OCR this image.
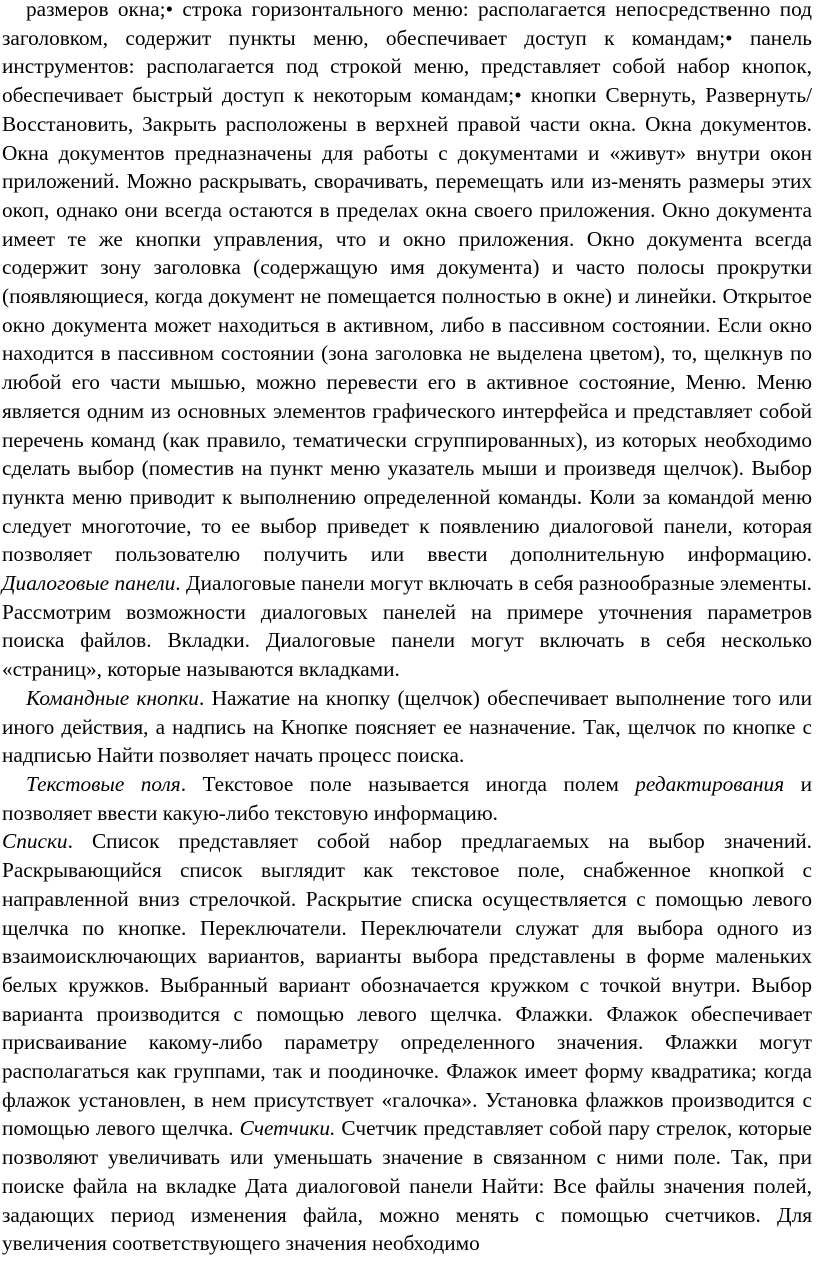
размеров окна;• строка горизонтального меню: располагается непосредственно под заголовком, содержит пункты меню, обеспечивает доступ к командам;• панель инструментов: располагается под строкой меню, представляет собой набор кнопок, обеспечивает быстрый доступ к некоторым командам;• кнопки Свернуть, Развернуть/Восстановить, Закрыть расположены в верхней правой части окна. Окна документов. Окна документов предназначены для работы с документами и «живут» внутри окон приложений. Можно раскрывать, сворачивать, перемещать или из-менять размеры этих окоп, однако они всегда остаются в пределах окна своего приложения. Окно документа имеет те же кнопки управления, что и окно приложения. Окно документа всегда содержит зону заголовка (содержащую имя документа) и часто полосы прокрутки (появляющиеся, когда документ не помещается полностью в окне) и линейки. Открытое окно документа может находиться в активном, либо в пассивном состоянии. Если окно находится в пассивном состоянии (зона заголовка не выделена цветом), то, щелкнув по любой его части мышью, можно перевести его в активное состояние, Меню. Меню является одним из основных элементов графического интерфейса и представляет собой перечень команд (как правило, тематически сгруппированных), из которых необходимо сделать выбор (поместив на пункт меню указатель мыши и произведя щелчок). Выбор пункта меню приводит к выполнению определенной команды. Коли за командой меню следует многоточие, то ее выбор приведет к появлению диалоговой панели, которая позволяет пользователю получить или ввести дополнительную информацию. Диалоговые панели. Диалоговые панели могут включать в себя разнообразные элементы. Рассмотрим возможности диалоговых панелей на примере уточнения параметров поиска файлов. Вкладки. Диалоговые панели могут включать в себя несколько «страниц», которые называются вкладками.

Командные кнопки. Нажатие на кнопку (щелчок) обеспечивает выполнение того или иного действия, а надпись на Кнопке поясняет ее назначение. Так, щелчок по кнопке с надписью Найти позволяет начать процесс поиска.

Текстовые поля. Текстовое поле называется иногда полем редактирования и позволяет ввести какую-либо текстовую информацию.

Списки. Список представляет собой набор предлагаемых на выбор значений. Раскрывающийся список выглядит как текстовое поле, снабженное кнопкой с направленной вниз стрелочкой. Раскрытие списка осуществляется с помощью левого щелчка по кнопке. Переключатели. Переключатели служат для выбора одного из взаимоисключающих вариантов, варианты выбора представлены в форме маленьких белых кружков. Выбранный вариант обозначается кружком с точкой внутри. Выбор варианта производится с помощью левого щелчка. Флажки. Флажок обеспечивает присваивание какому-либо параметру определенного значения. Флажки могут располагаться как группами, так и поодиночке. Флажок имеет форму квадратика; когда флажок установлен, в нем присутствует «галочка». Установка флажков производится с помощью левого щелчка. Счетчики. Счетчик представляет собой пару стрелок, которые позволяют увеличивать или уменьшать значение в связанном с ними поле. Так, при поиске файла на вкладке Дата диалоговой панели Найти: Все файлы значения полей, задающих период изменения файла, можно менять с помощью счетчиков. Для увеличения соответствующего значения необходимо
